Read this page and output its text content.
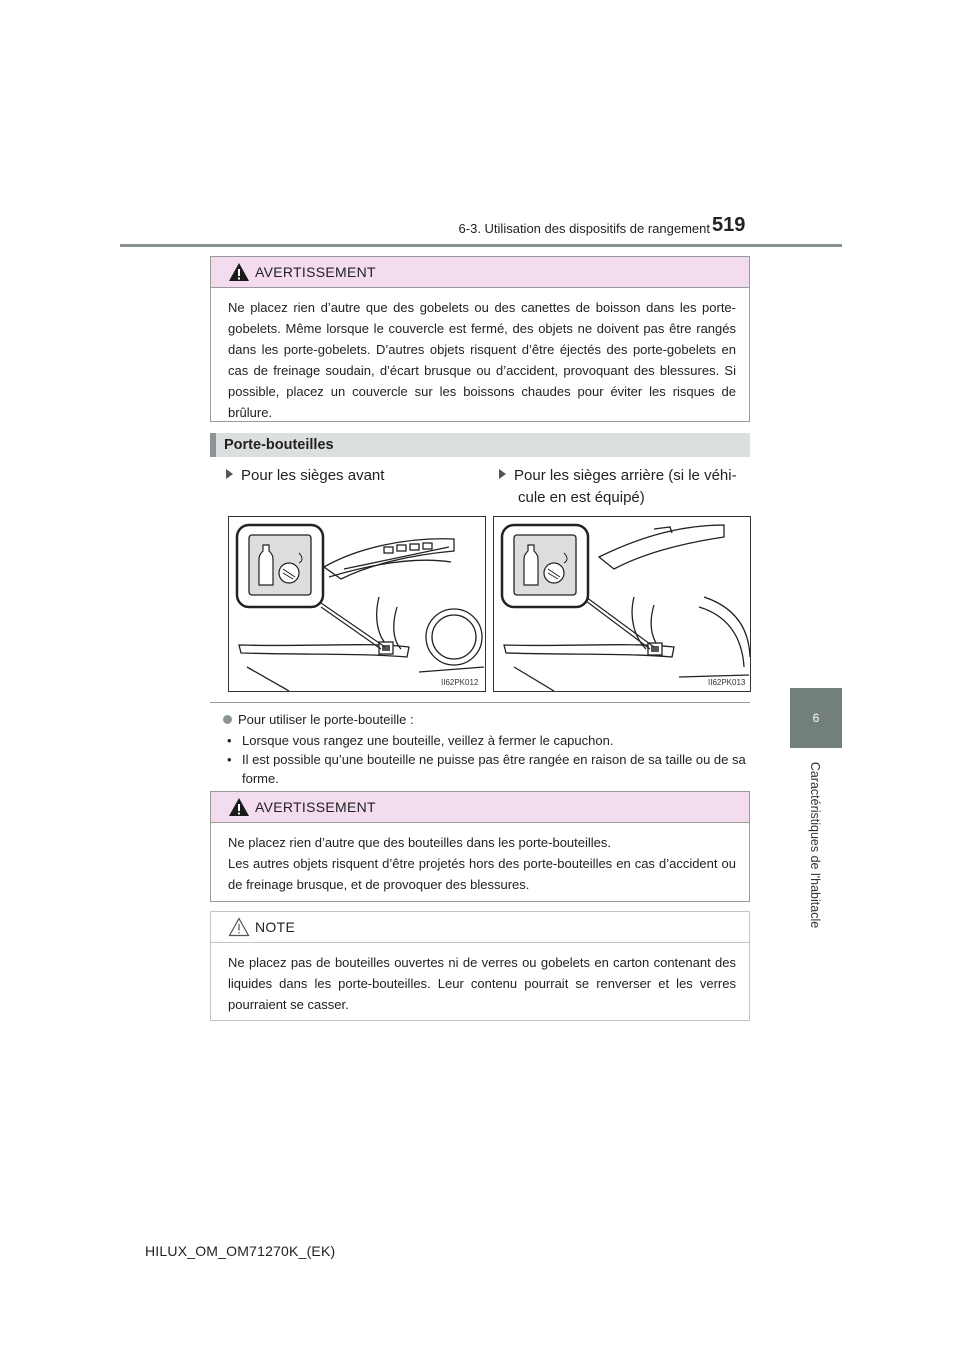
6-3. Utilisation des dispositifs de rangement 519
6
Caractéristiques de l'habitacle
AVERTISSEMENT
Ne placez rien d’autre que des gobelets ou des canettes de boisson dans les porte-gobelets. Même lorsque le couvercle est fermé, des objets ne doivent pas être rangés dans les porte-gobelets. D’autres objets risquent d’être éjectés des porte-gobelets en cas de freinage soudain, d’écart brusque ou d’accident, provoquant des blessures. Si possible, placez un couvercle sur les boissons chaudes pour éviter les risques de brûlure.
Porte-bouteilles
Pour les sièges avant	Pour les sièges arrière (si le véhi-
cule en est équipé)
II62PK012	II62PK013
Pour utiliser le porte-bouteille :
• Lorsque vous rangez une bouteille, veillez à fermer le capuchon.
• Il est possible qu’une bouteille ne puisse pas être rangée en raison de sa taille ou de sa forme.
AVERTISSEMENT
Ne placez rien d’autre que des bouteilles dans les porte-bouteilles.
Les autres objets risquent d’être projetés hors des porte-bouteilles en cas d’accident ou de freinage brusque, et de provoquer des blessures.
NOTE
Ne placez pas de bouteilles ouvertes ni de verres ou gobelets en carton contenant des liquides dans les porte-bouteilles. Leur contenu pourrait se renverser et les verres pourraient se casser.
HILUX_OM_OM71270K_(EK)
